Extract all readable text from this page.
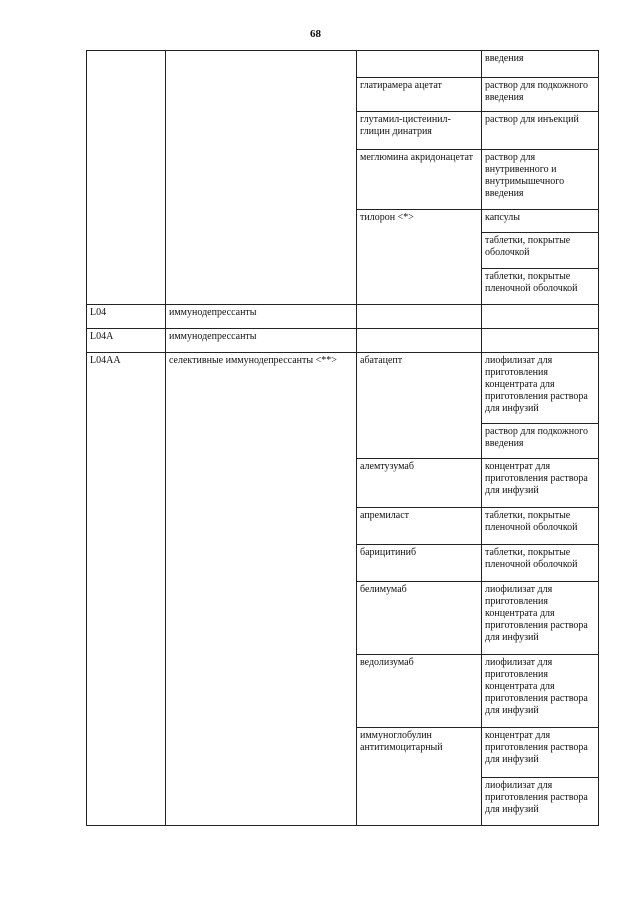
68
			введения
		глатирамера ацетат	раствор для подкожного введения
		глутамил-цистеинил-глицин динатрия	раствор для инъекций
		меглюмина акридонацетат	раствор для внутривенного и внутримышечного введения
		тилорон <*>	капсулы
			таблетки, покрытые оболочкой
			таблетки, покрытые пленочной оболочкой
L04	иммунодепрессанты		
L04A	иммунодепрессанты		
L04AA	селективные иммунодепрессанты <**>	абатацепт	лиофилизат для приготовления концентрата для приготовления раствора для инфузий
			раствор для подкожного введения
		алемтузумаб	концентрат для приготовления раствора для инфузий
		апремиласт	таблетки, покрытые пленочной оболочкой
		барицитиниб	таблетки, покрытые пленочной оболочкой
		белимумаб	лиофилизат для приготовления концентрата для приготовления раствора для инфузий
		ведолизумаб	лиофилизат для приготовления концентрата для приготовления раствора для инфузий
		иммуноглобулин антитимоцитарный	концентрат для приготовления раствора для инфузий
			лиофилизат для приготовления раствора для инфузий
